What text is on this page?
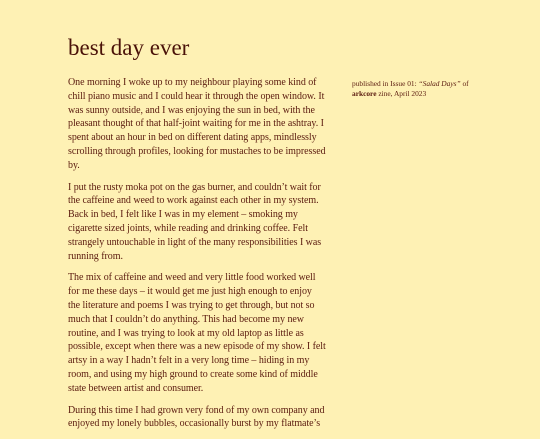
best day ever

One morning I woke up to my neighbour playing some kind of chill piano music and I could hear it through the open window. It was sunny outside, and I was enjoying the sun in bed, with the pleasant thought of that half-joint waiting for me in the ashtray. I spent about an hour in bed on different dating apps, mindlessly scrolling through profiles, looking for mustaches to be impressed by.

I put the rusty moka pot on the gas burner, and couldn’t wait for the caffeine and weed to work against each other in my system. Back in bed, I felt like I was in my element – smoking my cigarette sized joints, while reading and drinking coffee. Felt strangely untouchable in light of the many responsibilities I was running from.

The mix of caffeine and weed and very little food worked well for me these days – it would get me just high enough to enjoy the literature and poems I was trying to get through, but not so much that I couldn’t do anything. This had become my new routine, and I was trying to look at my old laptop as little as possible, except when there was a new episode of my show. I felt artsy in a way I hadn’t felt in a very long time – hiding in my room, and using my high ground to create some kind of middle state between artist and consumer.

During this time I had grown very fond of my own company and enjoyed my lonely bubbles, occasionally burst by my flatmate’s

published in Issue 01: “Salad Days” of
arkcore zine, April 2023
